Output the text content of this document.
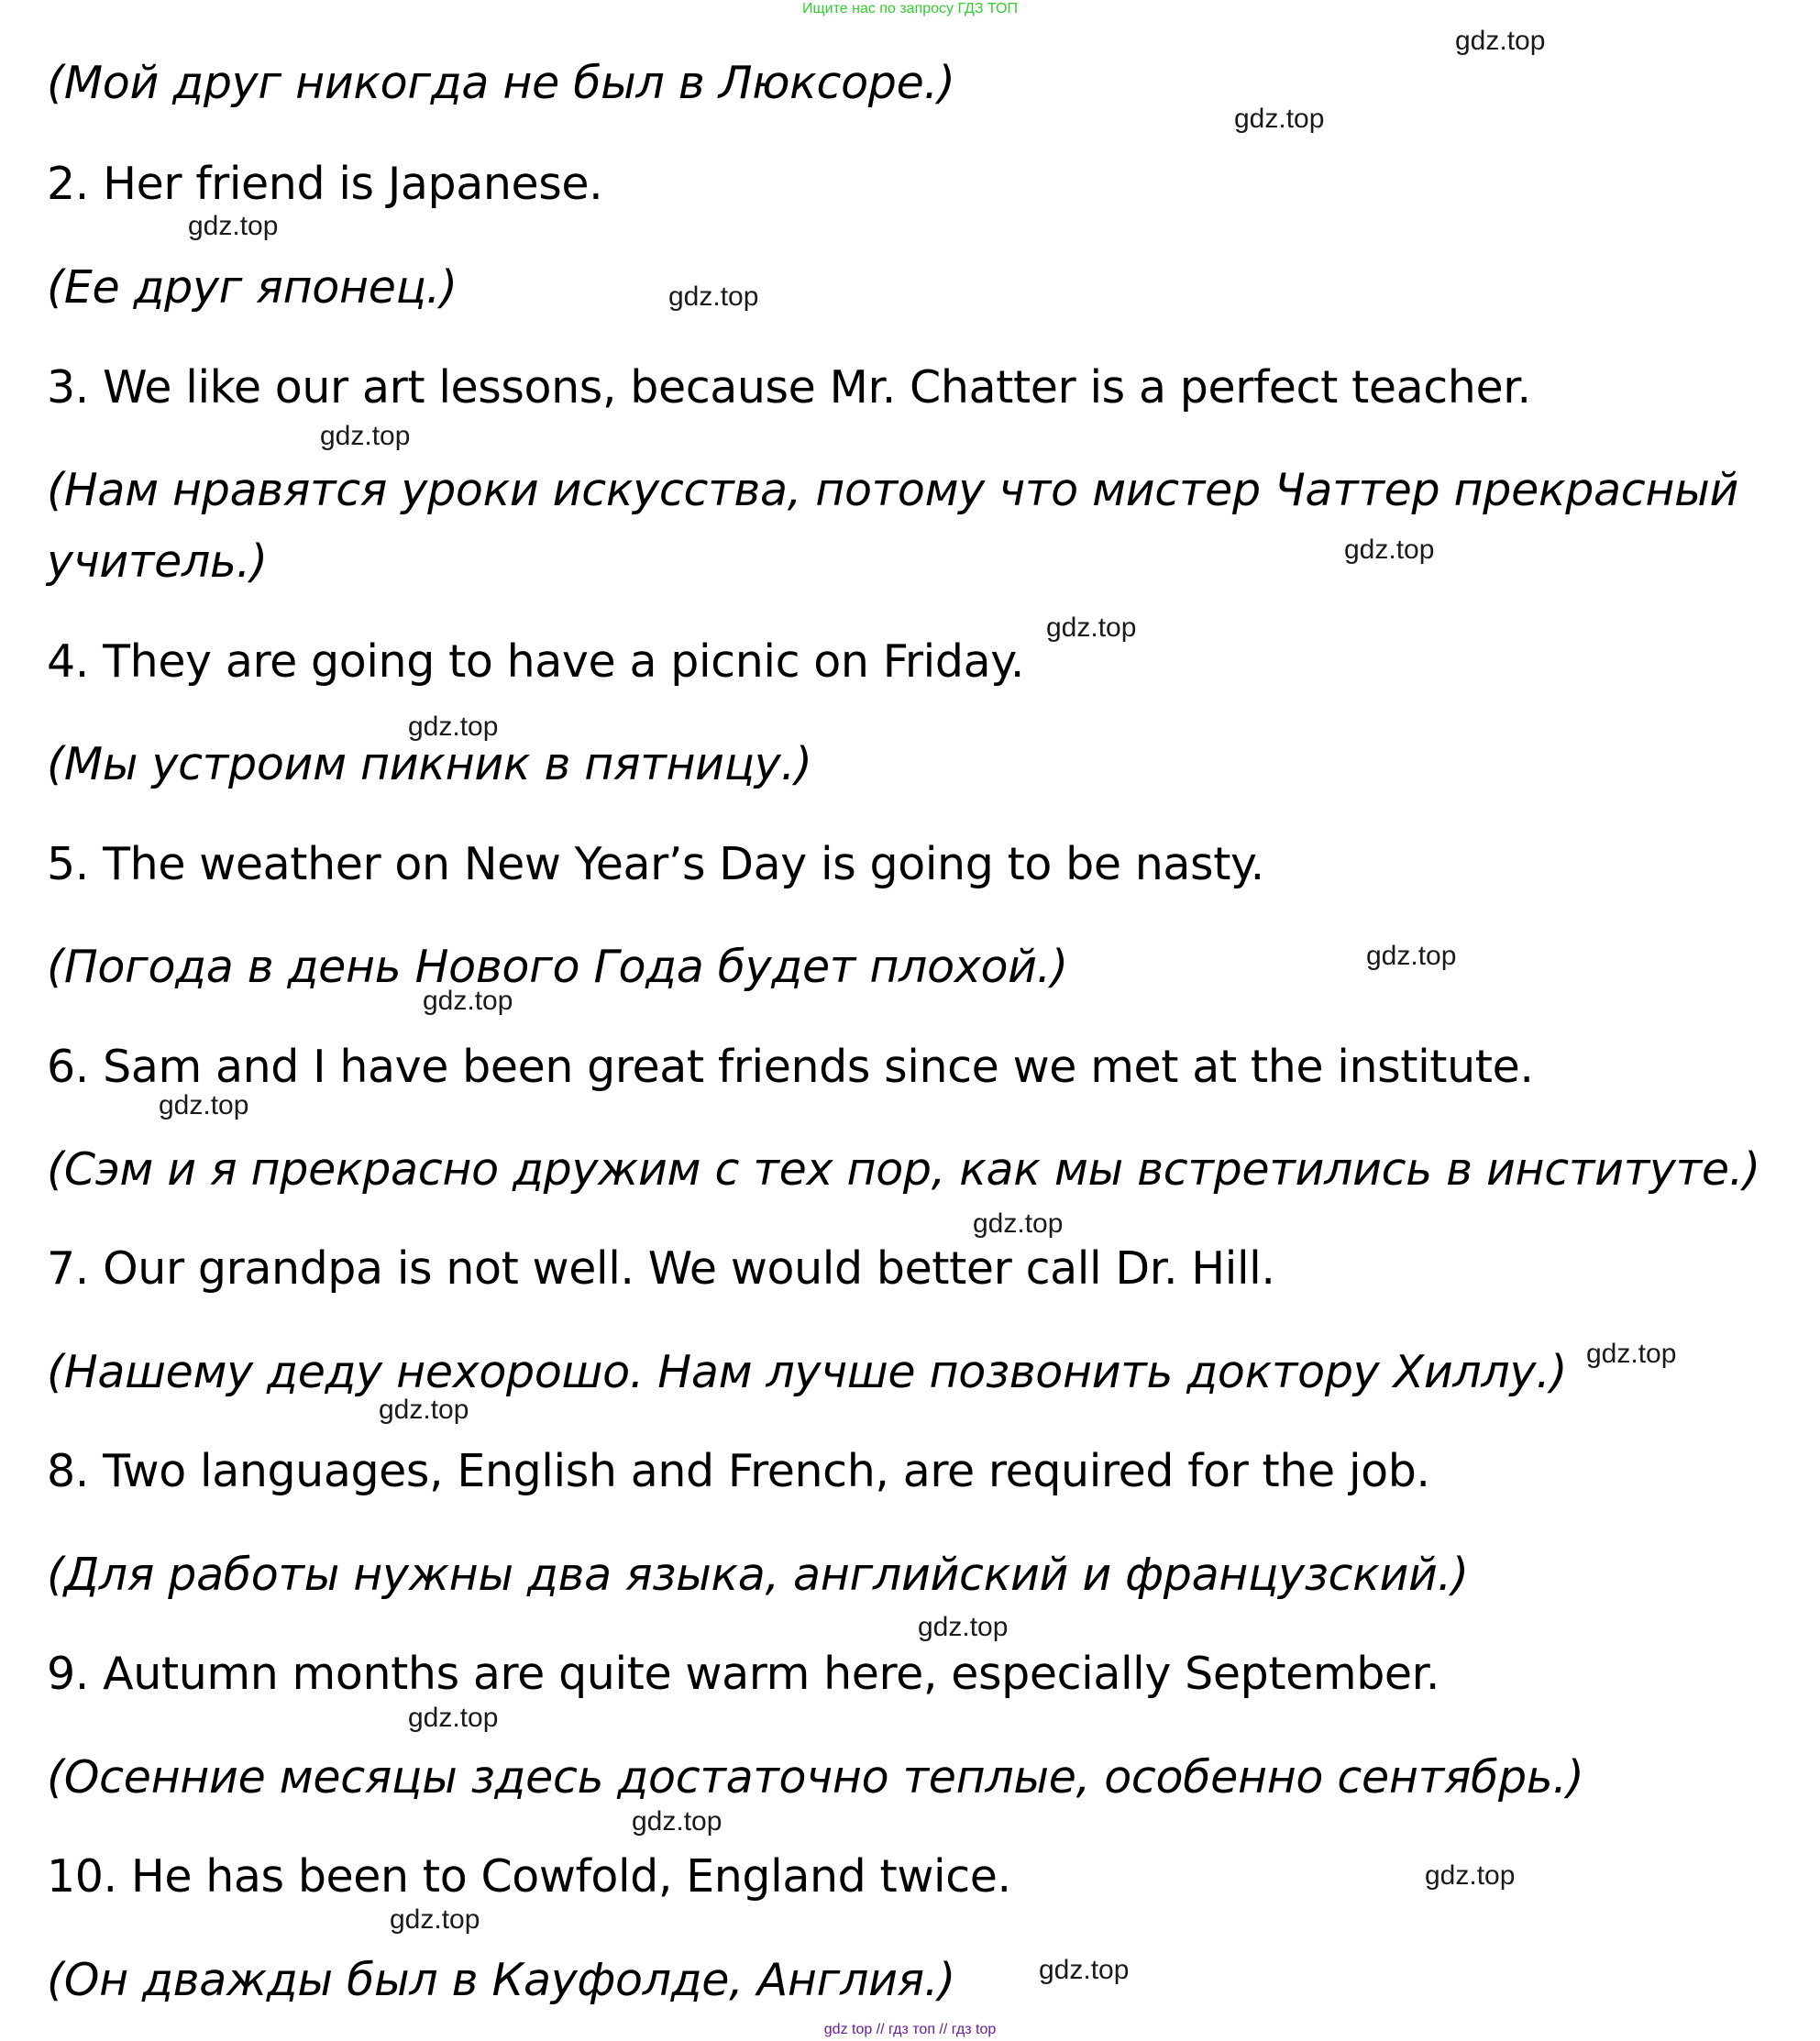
Ищите нас по запросу ГДЗ ТОП
(Мой друг никогда не был в Люксоре.)
2. Her friend is Japanese.
(Ее друг японец.)
3. We like our art lessons, because Mr. Chatter is a perfect teacher.
(Нам нравятся уроки искусства, потому что мистер Чаттер прекрасный
учитель.)
4. They are going to have a picnic on Friday.
(Мы устроим пикник в пятницу.)
5. The weather on New Year’s Day is going to be nasty.
(Погода в день Нового Года будет плохой.)
6. Sam and I have been great friends since we met at the institute.
(Сэм и я прекрасно дружим с тех пор, как мы встретились в институте.)
7. Our grandpa is not well. We would better call Dr. Hill.
(Нашему деду нехорошо. Нам лучше позвонить доктору Хиллу.)
8. Two languages, English and French, are required for the job.
(Для работы нужны два языка, английский и французский.)
9. Autumn months are quite warm here, especially September.
(Осенние месяцы здесь достаточно теплые, особенно сентябрь.)
10. He has been to Cowfold, England twice.
(Он дважды был в Кауфолде, Англия.)
gdz.top
gdz.top
gdz.top
gdz.top
gdz.top
gdz.top
gdz.top
gdz.top
gdz.top
gdz.top
gdz.top
gdz.top
gdz.top
gdz.top
gdz.top
gdz.top
gdz.top
gdz.top
gdz.top
gdz.top
gdz top // гдз топ // гдз top
